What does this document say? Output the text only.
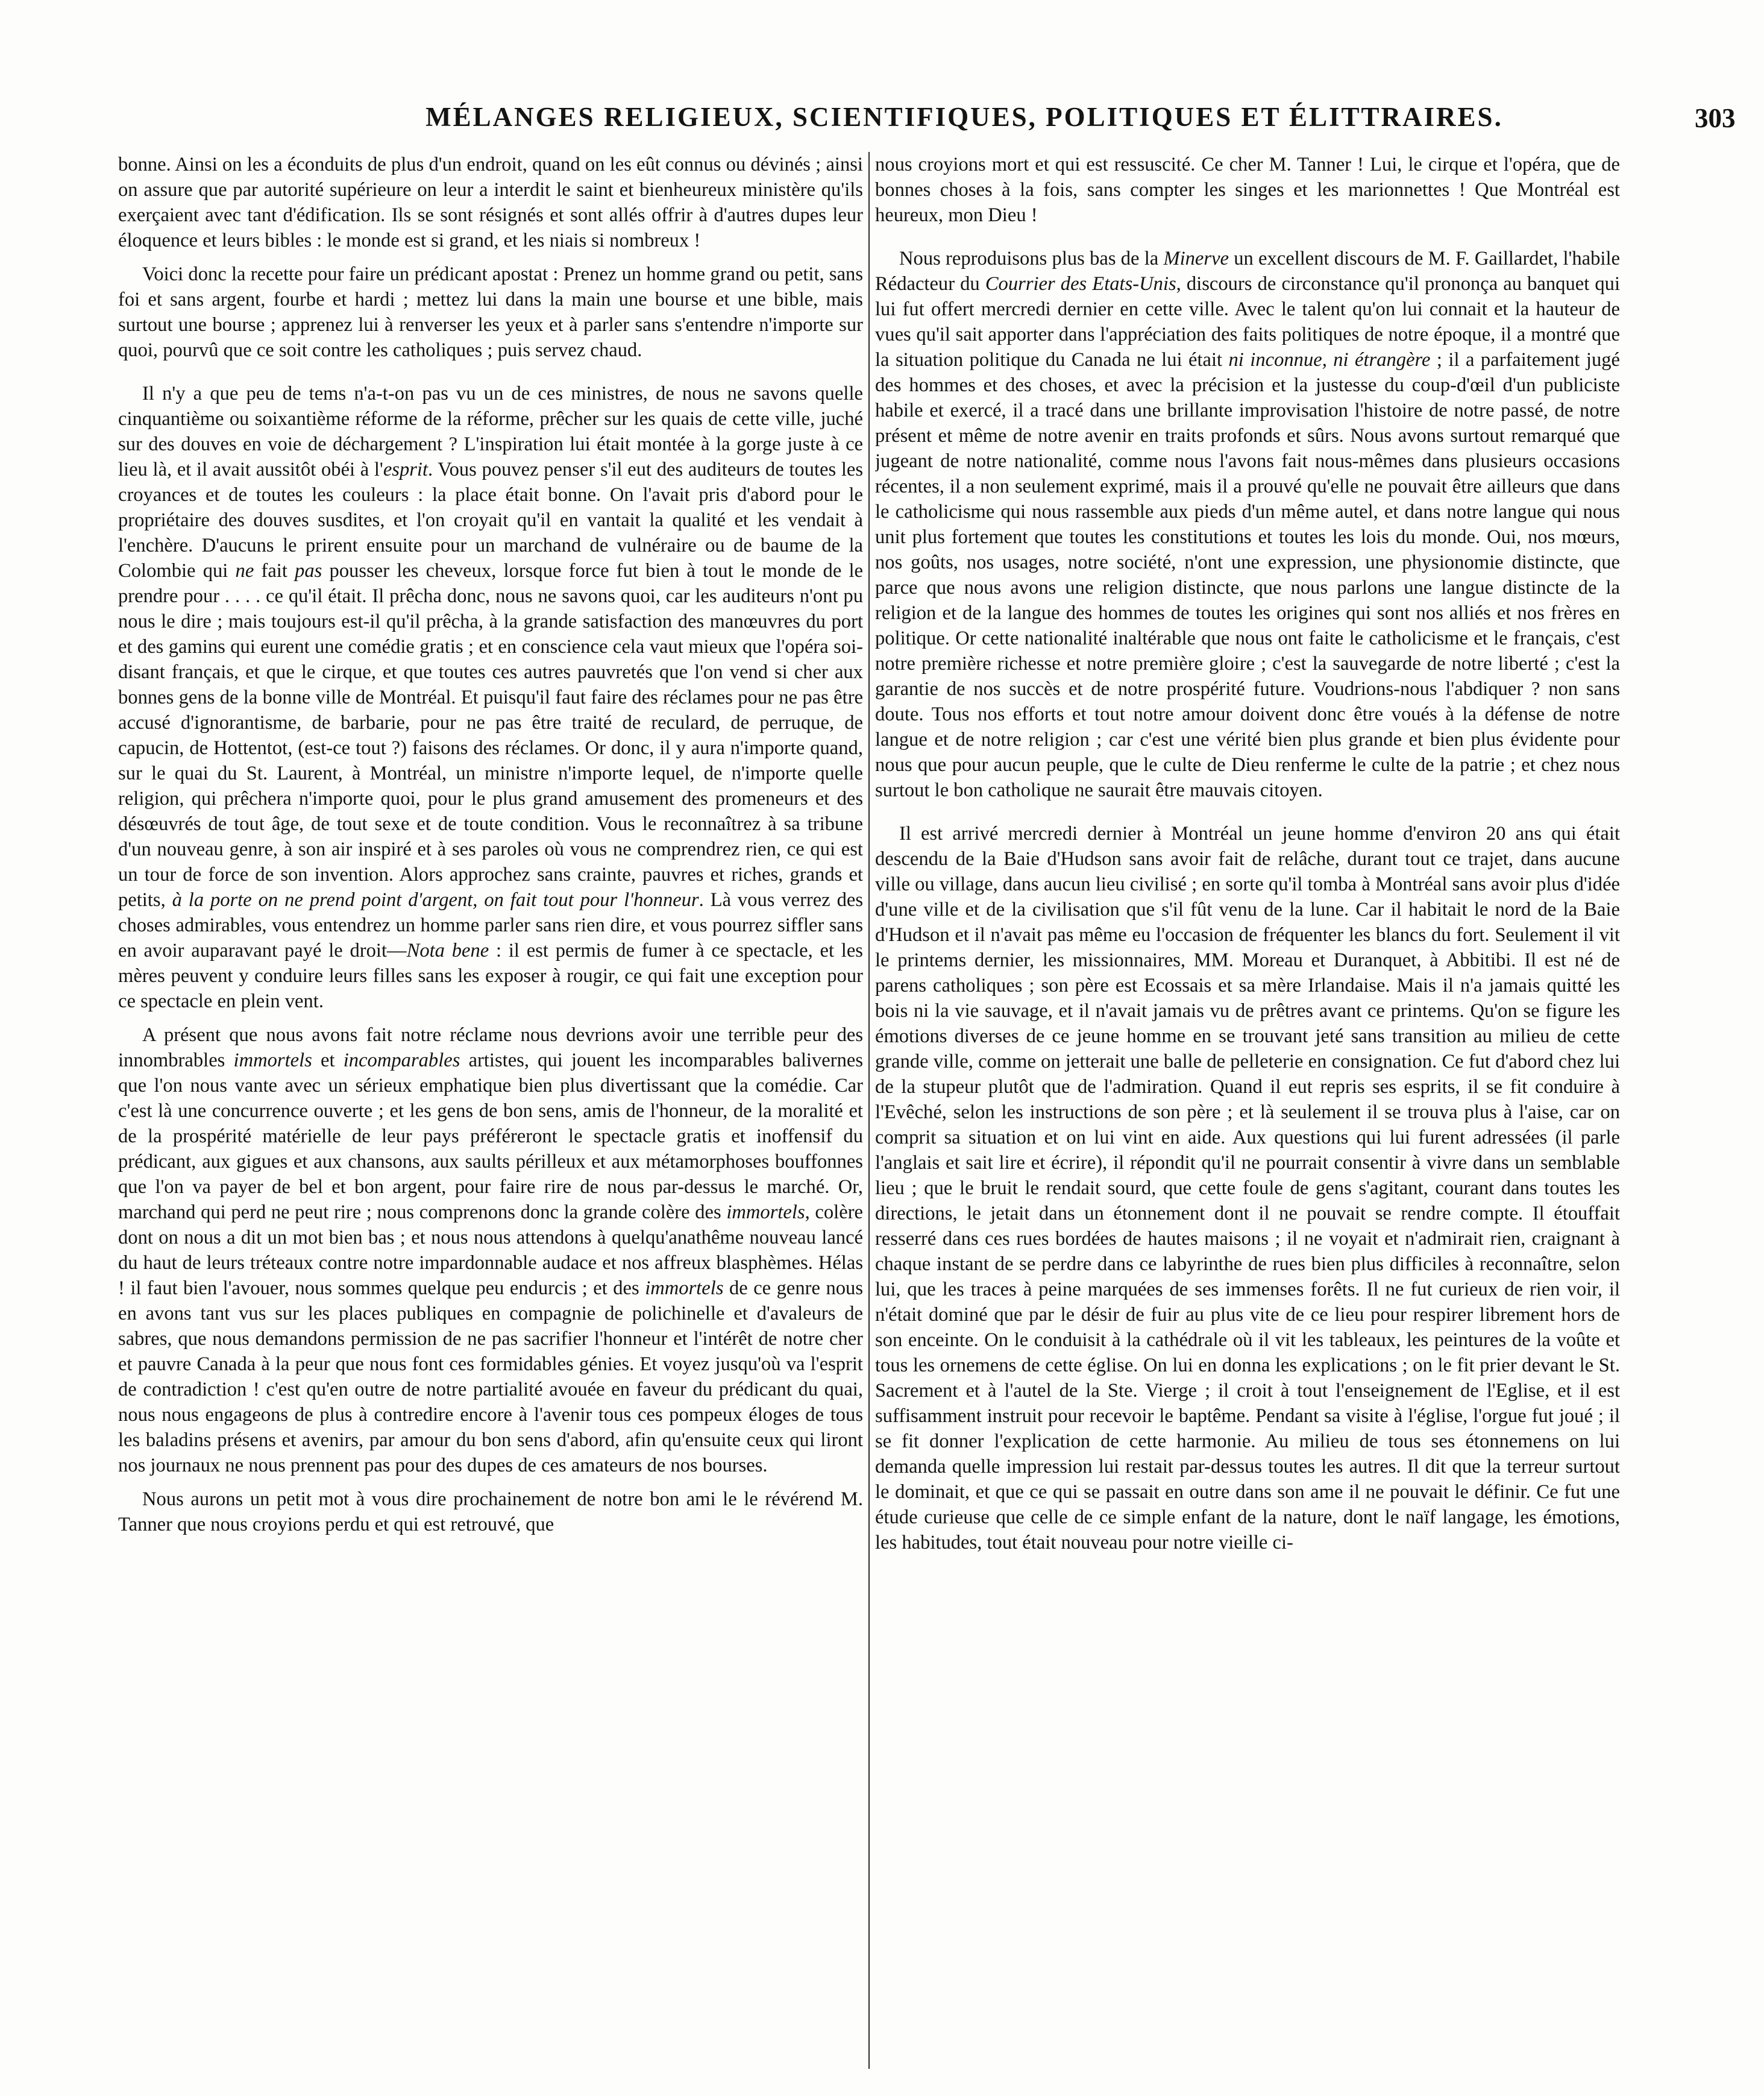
MÉLANGES RELIGIEUX, SCIENTIFIQUES, POLITIQUES ET ÉLITTRAIRES.	303

bonne. Ainsi on les a éconduits de plus d'un endroit, quand on les eût connus ou dévinés ; ainsi on assure que par autorité supérieure on leur a interdit le saint et bienheureux ministère qu'ils exerçaient avec tant d'édification. Ils se sont résignés et sont allés offrir à d'autres dupes leur éloquence et leurs bibles : le monde est si grand, et les niais si nombreux !

Voici donc la recette pour faire un prédicant apostat : Prenez un homme grand ou petit, sans foi et sans argent, fourbe et hardi ; mettez lui dans la main une bourse et une bible, mais surtout une bourse ; apprenez lui à renverser les yeux et à parler sans s'entendre n'importe sur quoi, pourvû que ce soit contre les catholiques ; puis servez chaud.

Il n'y a que peu de tems n'a-t-on pas vu un de ces ministres, de nous ne savons quelle cinquantième ou soixantième réforme de la réforme, prêcher sur les quais de cette ville, juché sur des douves en voie de déchargement ? L'inspiration lui était montée à la gorge juste à ce lieu là, et il avait aussitôt obéi à l'esprit. Vous pouvez penser s'il eut des auditeurs de toutes les croyances et de toutes les couleurs : la place était bonne. On l'avait pris d'abord pour le propriétaire des douves susdites, et l'on croyait qu'il en vantait la qualité et les vendait à l'enchère. D'aucuns le prirent ensuite pour un marchand de vulnéraire ou de baume de la Colombie qui ne fait pas pousser les cheveux, lorsque force fut bien à tout le monde de le prendre pour . . . . ce qu'il était. Il prêcha donc, nous ne savons quoi, car les auditeurs n'ont pu nous le dire ; mais toujours est-il qu'il prêcha, à la grande satisfaction des manœuvres du port et des gamins qui eurent une comédie gratis ; et en conscience cela vaut mieux que l'opéra soi-disant français, et que le cirque, et que toutes ces autres pauvretés que l'on vend si cher aux bonnes gens de la bonne ville de Montréal. Et puisqu'il faut faire des réclames pour ne pas être accusé d'ignorantisme, de barbarie, pour ne pas être traité de reculard, de perruque, de capucin, de Hottentot, (est-ce tout ?) faisons des réclames. Or donc, il y aura n'importe quand, sur le quai du St. Laurent, à Montréal, un ministre n'importe lequel, de n'importe quelle religion, qui prêchera n'importe quoi, pour le plus grand amusement des promeneurs et des désœuvrés de tout âge, de tout sexe et de toute condition. Vous le reconnaîtrez à sa tribune d'un nouveau genre, à son air inspiré et à ses paroles où vous ne comprendrez rien, ce qui est un tour de force de son invention. Alors approchez sans crainte, pauvres et riches, grands et petits, à la porte on ne prend point d'argent, on fait tout pour l'honneur. Là vous verrez des choses admirables, vous entendrez un homme parler sans rien dire, et vous pourrez siffler sans en avoir auparavant payé le droit—Nota bene : il est permis de fumer à ce spectacle, et les mères peuvent y conduire leurs filles sans les exposer à rougir, ce qui fait une exception pour ce spectacle en plein vent.

A présent que nous avons fait notre réclame nous devrions avoir une terrible peur des innombrables immortels et incomparables artistes, qui jouent les incomparables balivernes que l'on nous vante avec un sérieux emphatique bien plus divertissant que la comédie. Car c'est là une concurrence ouverte ; et les gens de bon sens, amis de l'honneur, de la moralité et de la prospérité matérielle de leur pays préféreront le spectacle gratis et inoffensif du prédicant, aux gigues et aux chansons, aux saults périlleux et aux métamorphoses bouffonnes que l'on va payer de bel et bon argent, pour faire rire de nous par-dessus le marché. Or, marchand qui perd ne peut rire ; nous comprenons donc la grande colère des immortels, colère dont on nous a dit un mot bien bas ; et nous nous attendons à quelqu'anathême nouveau lancé du haut de leurs tréteaux contre notre impardonnable audace et nos affreux blasphèmes. Hélas ! il faut bien l'avouer, nous sommes quelque peu endurcis ; et des immortels de ce genre nous en avons tant vus sur les places publiques en compagnie de polichinelle et d'avaleurs de sabres, que nous demandons permission de ne pas sacrifier l'honneur et l'intérêt de notre cher et pauvre Canada à la peur que nous font ces formidables génies. Et voyez jusqu'où va l'esprit de contradiction ! c'est qu'en outre de notre partialité avouée en faveur du prédicant du quai, nous nous engageons de plus à contredire encore à l'avenir tous ces pompeux éloges de tous les baladins présens et avenirs, par amour du bon sens d'abord, afin qu'ensuite ceux qui liront nos journaux ne nous prennent pas pour des dupes de ces amateurs de nos bourses.

Nous aurons un petit mot à vous dire prochainement de notre bon ami le le révérend M. Tanner que nous croyions perdu et qui est retrouvé, que

nous croyions mort et qui est ressuscité. Ce cher M. Tanner ! Lui, le cirque et l'opéra, que de bonnes choses à la fois, sans compter les singes et les marionnettes ! Que Montréal est heureux, mon Dieu !

Nous reproduisons plus bas de la Minerve un excellent discours de M. F. Gaillardet, l'habile Rédacteur du Courrier des Etats-Unis, discours de circonstance qu'il prononça au banquet qui lui fut offert mercredi dernier en cette ville. Avec le talent qu'on lui connait et la hauteur de vues qu'il sait apporter dans l'appréciation des faits politiques de notre époque, il a montré que la situation politique du Canada ne lui était ni inconnue, ni étrangère ; il a parfaitement jugé des hommes et des choses, et avec la précision et la justesse du coup-d'œil d'un publiciste habile et exercé, il a tracé dans une brillante improvisation l'histoire de notre passé, de notre présent et même de notre avenir en traits profonds et sûrs. Nous avons surtout remarqué que jugeant de notre nationalité, comme nous l'avons fait nous-mêmes dans plusieurs occasions récentes, il a non seulement exprimé, mais il a prouvé qu'elle ne pouvait être ailleurs que dans le catholicisme qui nous rassemble aux pieds d'un même autel, et dans notre langue qui nous unit plus fortement que toutes les constitutions et toutes les lois du monde. Oui, nos mœurs, nos goûts, nos usages, notre société, n'ont une expression, une physionomie distincte, que parce que nous avons une religion distincte, que nous parlons une langue distincte de la religion et de la langue des hommes de toutes les origines qui sont nos alliés et nos frères en politique. Or cette nationalité inaltérable que nous ont faite le catholicisme et le français, c'est notre première richesse et notre première gloire ; c'est la sauvegarde de notre liberté ; c'est la garantie de nos succès et de notre prospérité future. Voudrions-nous l'abdiquer ? non sans doute. Tous nos efforts et tout notre amour doivent donc être voués à la défense de notre langue et de notre religion ; car c'est une vérité bien plus grande et bien plus évidente pour nous que pour aucun peuple, que le culte de Dieu renferme le culte de la patrie ; et chez nous surtout le bon catholique ne saurait être mauvais citoyen.

Il est arrivé mercredi dernier à Montréal un jeune homme d'environ 20 ans qui était descendu de la Baie d'Hudson sans avoir fait de relâche, durant tout ce trajet, dans aucune ville ou village, dans aucun lieu civilisé ; en sorte qu'il tomba à Montréal sans avoir plus d'idée d'une ville et de la civilisation que s'il fût venu de la lune. Car il habitait le nord de la Baie d'Hudson et il n'avait pas même eu l'occasion de fréquenter les blancs du fort. Seulement il vit le printems dernier, les missionnaires, MM. Moreau et Duranquet, à Abbitibi. Il est né de parens catholiques ; son père est Ecossais et sa mère Irlandaise. Mais il n'a jamais quitté les bois ni la vie sauvage, et il n'avait jamais vu de prêtres avant ce printems. Qu'on se figure les émotions diverses de ce jeune homme en se trouvant jeté sans transition au milieu de cette grande ville, comme on jetterait une balle de pelleterie en consignation. Ce fut d'abord chez lui de la stupeur plutôt que de l'admiration. Quand il eut repris ses esprits, il se fit conduire à l'Evêché, selon les instructions de son père ; et là seulement il se trouva plus à l'aise, car on comprit sa situation et on lui vint en aide. Aux questions qui lui furent adressées (il parle l'anglais et sait lire et écrire), il répondit qu'il ne pourrait consentir à vivre dans un semblable lieu ; que le bruit le rendait sourd, que cette foule de gens s'agitant, courant dans toutes les directions, le jetait dans un étonnement dont il ne pouvait se rendre compte. Il étouffait resserré dans ces rues bordées de hautes maisons ; il ne voyait et n'admirait rien, craignant à chaque instant de se perdre dans ce labyrinthe de rues bien plus difficiles à reconnaître, selon lui, que les traces à peine marquées de ses immenses forêts. Il ne fut curieux de rien voir, il n'était dominé que par le désir de fuir au plus vite de ce lieu pour respirer librement hors de son enceinte. On le conduisit à la cathédrale où il vit les tableaux, les peintures de la voûte et tous les ornemens de cette église. On lui en donna les explications ; on le fit prier devant le St. Sacrement et à l'autel de la Ste. Vierge ; il croit à tout l'enseignement de l'Eglise, et il est suffisamment instruit pour recevoir le baptême. Pendant sa visite à l'église, l'orgue fut joué ; il se fit donner l'explication de cette harmonie. Au milieu de tous ses étonnemens on lui demanda quelle impression lui restait par-dessus toutes les autres. Il dit que la terreur surtout le dominait, et que ce qui se passait en outre dans son ame il ne pouvait le définir. Ce fut une étude curieuse que celle de ce simple enfant de la nature, dont le naïf langage, les émotions, les habitudes, tout était nouveau pour notre vieille ci-
